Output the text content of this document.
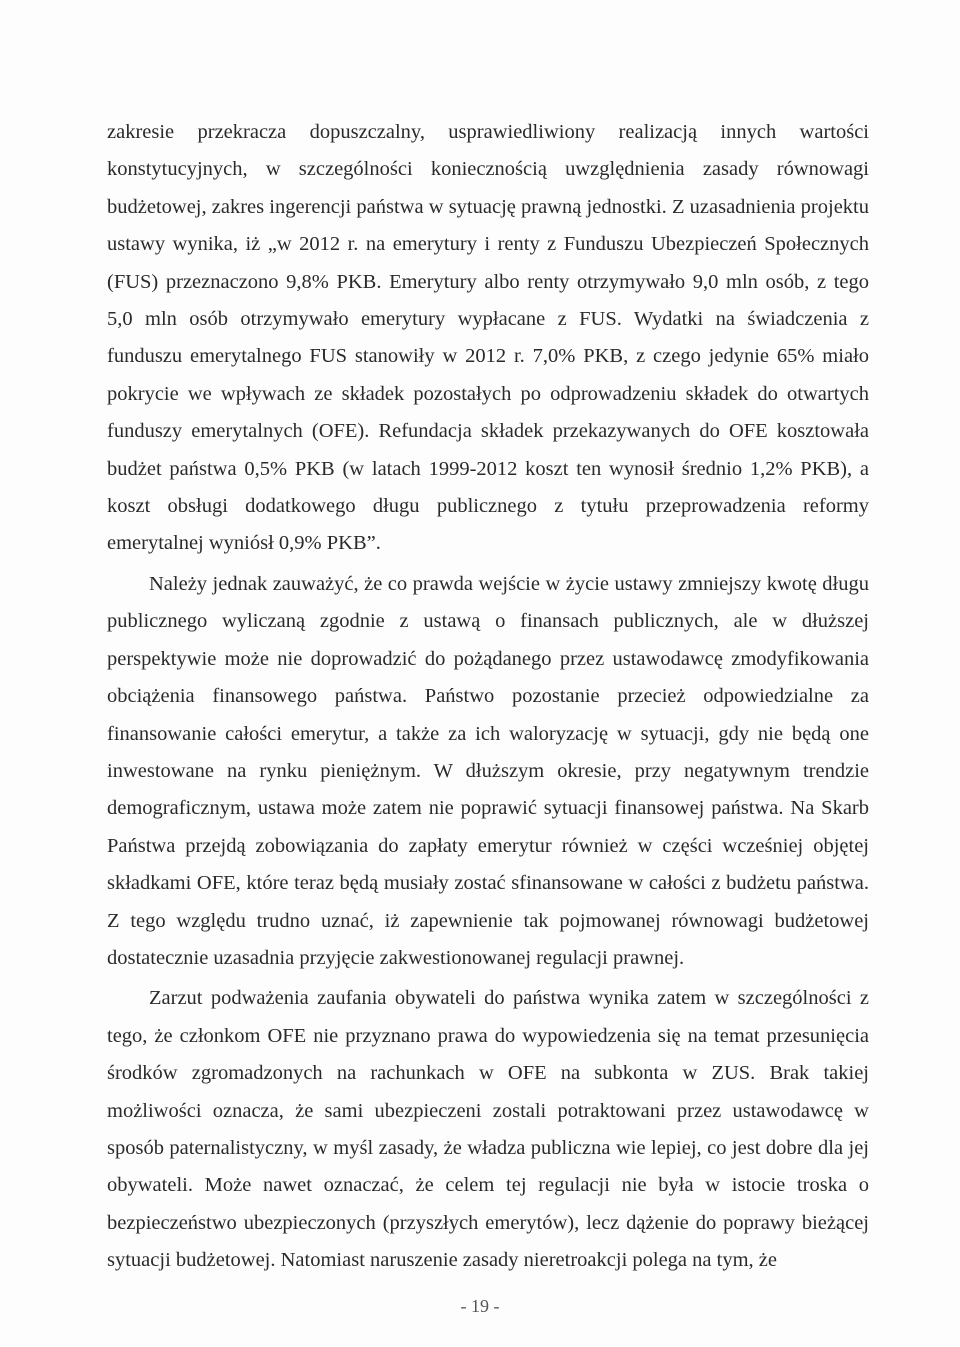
zakresie przekracza dopuszczalny, usprawiedliwiony realizacją innych wartości konstytucyjnych, w szczególności koniecznością uwzględnienia zasady równowagi budżetowej, zakres ingerencji państwa w sytuację prawną jednostki. Z uzasadnienia projektu ustawy wynika, iż „w 2012 r. na emerytury i renty z Funduszu Ubezpieczeń Społecznych (FUS) przeznaczono 9,8% PKB. Emerytury albo renty otrzymywało 9,0 mln osób, z tego 5,0 mln osób otrzymywało emerytury wypłacane z FUS. Wydatki na świadczenia z funduszu emerytalnego FUS stanowiły w 2012 r. 7,0% PKB, z czego jedynie 65% miało pokrycie we wpływach ze składek pozostałych po odprowadzeniu składek do otwartych funduszy emerytalnych (OFE). Refundacja składek przekazywanych do OFE kosztowała budżet państwa 0,5% PKB (w latach 1999-2012 koszt ten wynosił średnio 1,2% PKB), a koszt obsługi dodatkowego długu publicznego z tytułu przeprowadzenia reformy emerytalnej wyniósł 0,9% PKB”.

Należy jednak zauważyć, że co prawda wejście w życie ustawy zmniejszy kwotę długu publicznego wyliczaną zgodnie z ustawą o finansach publicznych, ale w dłuższej perspektywie może nie doprowadzić do pożądanego przez ustawodawcę zmodyfikowania obciążenia finansowego państwa. Państwo pozostanie przecież odpowiedzialne za finansowanie całości emerytur, a także za ich waloryzację w sytuacji, gdy nie będą one inwestowane na rynku pieniężnym. W dłuższym okresie, przy negatywnym trendzie demograficznym, ustawa może zatem nie poprawić sytuacji finansowej państwa. Na Skarb Państwa przejdą zobowiązania do zapłaty emerytur również w części wcześniej objętej składkami OFE, które teraz będą musiały zostać sfinansowane w całości z budżetu państwa. Z tego względu trudno uznać, iż zapewnienie tak pojmowanej równowagi budżetowej dostatecznie uzasadnia przyjęcie zakwestionowanej regulacji prawnej.

Zarzut podważenia zaufania obywateli do państwa wynika zatem w szczególności z tego, że członkom OFE nie przyznano prawa do wypowiedzenia się na temat przesunięcia środków zgromadzonych na rachunkach w OFE na subkonta w ZUS. Brak takiej możliwości oznacza, że sami ubezpieczeni zostali potraktowani przez ustawodawcę w sposób paternalistyczny, w myśl zasady, że władza publiczna wie lepiej, co jest dobre dla jej obywateli. Może nawet oznaczać, że celem tej regulacji nie była w istocie troska o bezpieczeństwo ubezpieczonych (przyszłych emerytów), lecz dążenie do poprawy bieżącej sytuacji budżetowej. Natomiast naruszenie zasady nieretroakcji polega na tym, że

- 19 -
